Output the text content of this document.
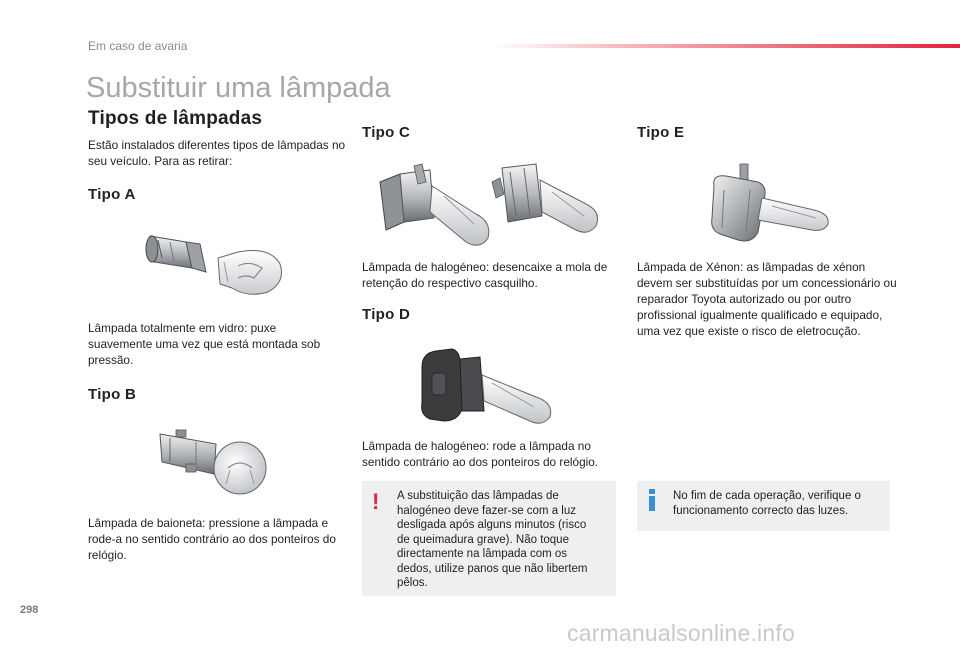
Em caso de avaria
Substituir uma lâmpada
Tipos de lâmpadas
Estão instalados diferentes tipos de lâmpadas no seu veículo. Para as retirar:
Tipo A
Lâmpada totalmente em vidro: puxe suavemente uma vez que está montada sob pressão.
Tipo B
Lâmpada de baioneta: pressione a lâmpada e rode-a no sentido contrário ao dos ponteiros do relógio.
Tipo C
Lâmpada de halogéneo: desencaixe a mola de retenção do respectivo casquilho.
Tipo D
Lâmpada de halogéneo: rode a lâmpada no sentido contrário ao dos ponteiros do relógio.
! A substituição das lâmpadas de halogéneo deve fazer-se com a luz desligada após alguns minutos (risco de queimadura grave). Não toque directamente na lâmpada com os dedos, utilize panos que não libertem pêlos.
Tipo E
Lâmpada de Xénon: as lâmpadas de xénon devem ser substituídas por um concessionário ou reparador Toyota autorizado ou por outro profissional igualmente qualificado e equipado, uma vez que existe o risco de eletrocução.
No fim de cada operação, verifique o funcionamento correcto das luzes.
298
carmanualsonline.info
